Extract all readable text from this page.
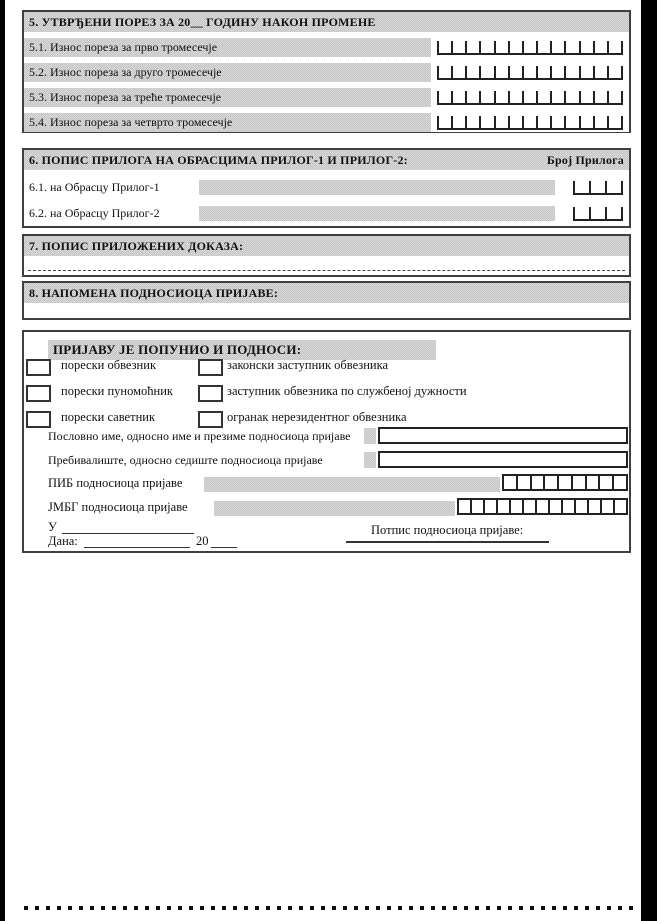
5. УТВРЂЕНИ ПОРЕЗ ЗА 20__ ГОДИНУ НАКОН ПРОМЕНЕ
5.1. Износ пореза за прво тромесечје
5.2. Износ пореза за друго тромесечје
5.3. Износ пореза за треће тромесечје
5.4. Износ пореза за четврто тромесечје
6. ПОПИС ПРИЛОГА НА ОБРАСЦИМА ПРИЛОГ-1 И ПРИЛОГ-2:	Број Прилога
6.1. на Обрасцу Прилог-1
6.2. на Обрасцу Прилог-2
7. ПОПИС ПРИЛОЖЕНИХ ДОКАЗА:
8. НАПОМЕНА ПОДНОСИОЦА ПРИЈАВЕ:
ПРИЈАВУ ЈЕ ПОПУНИО И ПОДНОСИ:
порески обвезник	законски заступник обвезника
порески пуномоћник	заступник обвезника по службеној дужности
порески саветник	огранак нерезидентног обвезника
Пословно име, односно име и презиме подносиоца пријаве
Пребивалиште, односно седиште подносиоца пријаве
ПИБ подносиоца пријаве
ЈМБГ подносиоца пријаве
У
Дана:	20
Потпис подносиоца пријаве:
